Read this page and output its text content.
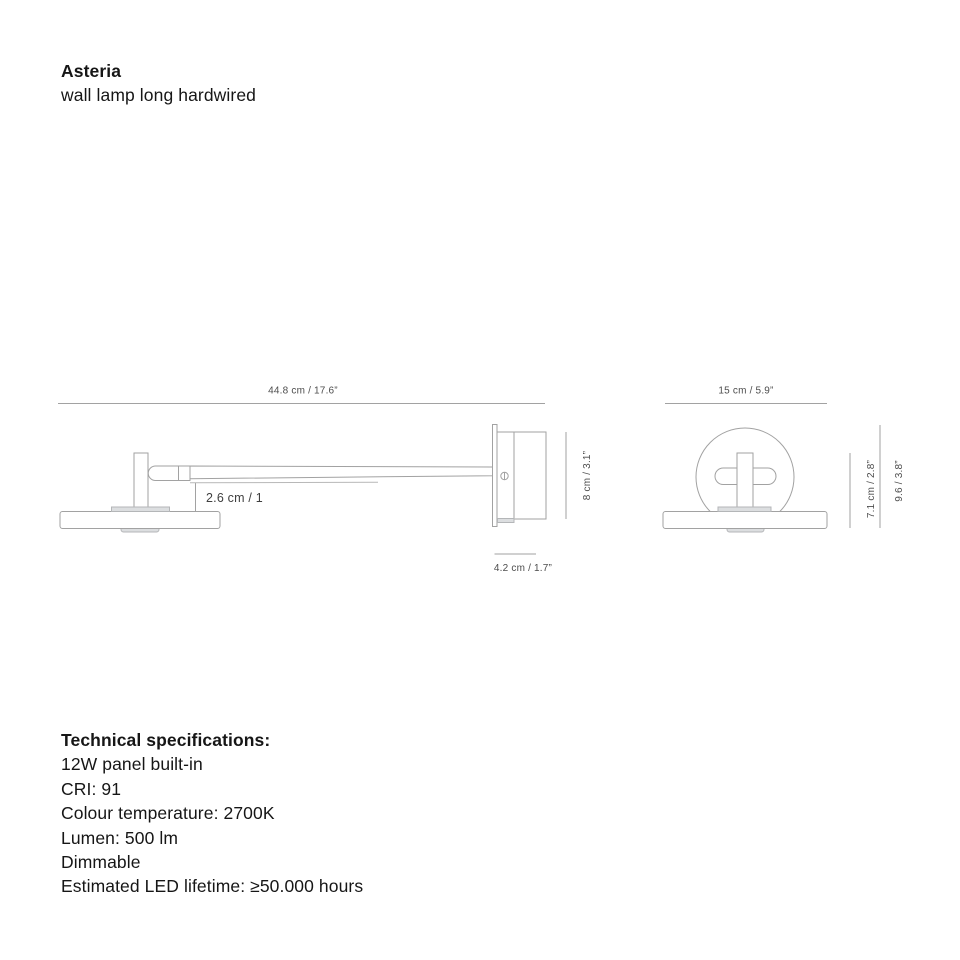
Asteria
wall lamp long hardwired
44.8 cm / 17.6”
2.6 cm / 1	8 cm / 3.1”
4.2 cm / 1.7”
15 cm / 5.9”
7.1 cm / 2.8” 9.6 / 3.8”
Technical specifications:
12W panel built-in
CRI: 91
Colour temperature: 2700K
Lumen: 500 lm
Dimmable
Estimated LED lifetime: ≥50.000 hours
